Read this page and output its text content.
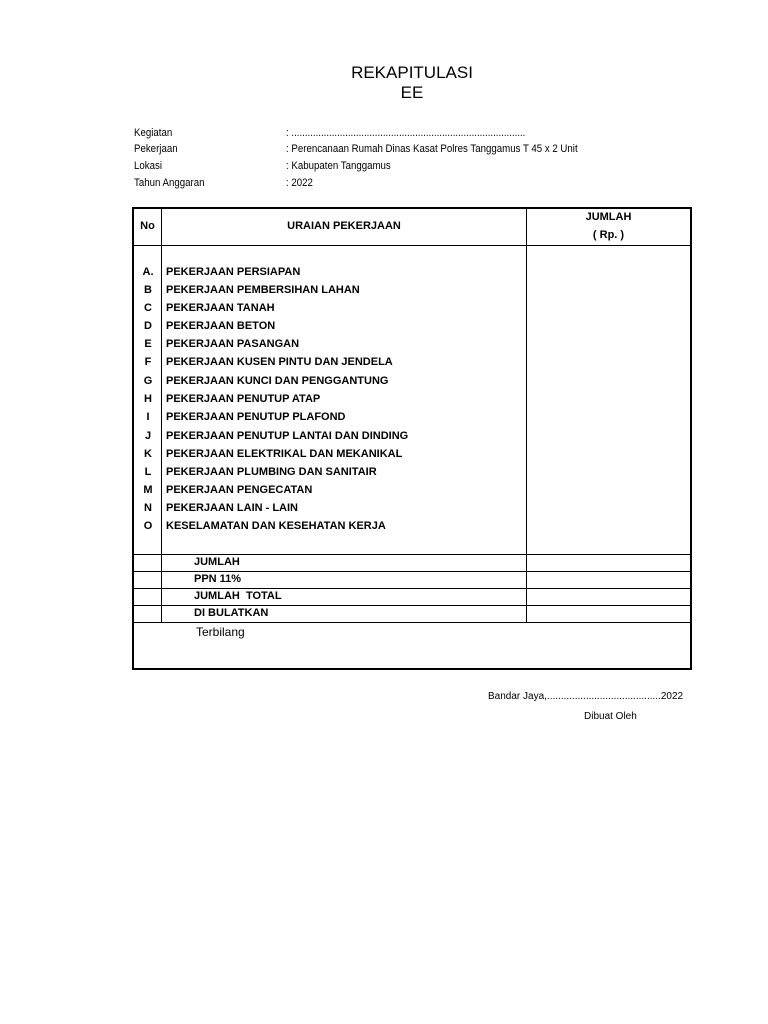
REKAPITULASI
EE
Kegiatan	: .......................................................................................
Pekerjaan	: Perencanaan Rumah Dinas Kasat Polres Tanggamus T 45 x 2 Unit
Lokasi	: Kabupaten Tanggamus
Tahun Anggaran	: 2022
No	URAIAN PEKERJAAN
JUMLAH
( Rp. )
A.	PEKERJAAN PERSIAPAN
B	PEKERJAAN PEMBERSIHAN LAHAN
C	PEKERJAAN TANAH
D	PEKERJAAN BETON
E	PEKERJAAN PASANGAN
F	PEKERJAAN KUSEN PINTU DAN JENDELA
G	PEKERJAAN KUNCI DAN PENGGANTUNG
H	PEKERJAAN PENUTUP ATAP
I	PEKERJAAN PENUTUP PLAFOND
J	PEKERJAAN PENUTUP LANTAI DAN DINDING
K	PEKERJAAN ELEKTRIKAL DAN MEKANIKAL
L	PEKERJAAN PLUMBING DAN SANITAIR
M	PEKERJAAN PENGECATAN
N	PEKERJAAN LAIN - LAIN
O	KESELAMATAN DAN KESEHATAN KERJA
JUMLAH
PPN 11%
JUMLAH  TOTAL
DI BULATKAN
Terbilang
Bandar Jaya,.........................................2022
Dibuat Oleh
